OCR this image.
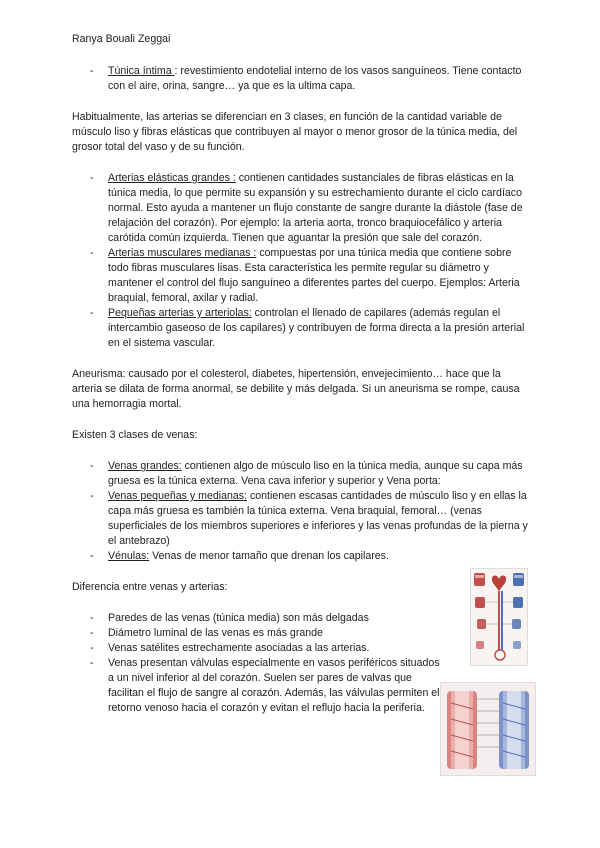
Ranya Bouali Zeggai
- Túnica íntima : revestimiento endotelial interno de los vasos sanguíneos. Tiene contacto con el aire, orina, sangre… ya que es la ultima capa.

Habitualmente, las arterias se diferencian en 3 clases, en función de la cantidad variable de músculo liso y fibras elásticas que contribuyen al mayor o menor grosor de la túnica media, del grosor total del vaso y de su función.

- Arterias elásticas grandes : contienen cantidades sustanciales de fibras elásticas en la túnica media, lo que permite su expansión y su estrechamiento durante el ciclo cardíaco normal. Esto ayuda a mantener un flujo constante de sangre durante la diástole (fase de relajación del corazón). Por ejemplo: la arteria aorta, tronco braquiocefálico y arteria carótida común izquierda. Tienen que aguantar la presión que sale del corazón.
- Arterias musculares medianas : compuestas por una túnica media que contiene sobre todo fibras musculares lisas. Esta característica les permite regular su diámetro y mantener el control del flujo sanguíneo a diferentes partes del cuerpo. Ejemplos: Arteria braquial, femoral, axilar y radial.
- Pequeñas arterias y arteriolas: controlan el llenado de capilares (además regulan el intercambio gaseoso de los capilares) y contribuyen de forma directa a la presión arterial en el sistema vascular.

Aneurisma: causado por el colesterol, diabetes, hipertensión, envejecimiento… hace que la arteria se dilata de forma anormal, se debilite y más delgada. Si un aneurisma se rompe, causa una hemorragia mortal.

Existen 3 clases de venas:

- Venas grandes: contienen algo de músculo liso en la túnica media, aunque su capa más gruesa es la túnica externa. Vena cava inferior y superior y Vena porta:
- Venas pequeñas y medianas: contienen escasas cantidades de músculo liso y en ellas la capa más gruesa es también la túnica externa. Vena braquial, femoral… (venas superficiales de los miembros superiores e inferiores y las venas profundas de la pierna y el antebrazo)
- Vénulas: Venas de menor tamaño que drenan los capilares.

Diferencia entre venas y arterias:

- Paredes de las venas (túnica media) son más delgadas
- Diámetro luminal de las venas es más grande
- Venas satélites estrechamente asociadas a las arterias.
- Venas presentan válvulas especialmente en vasos periféricos situados a un nivel inferior al del corazón. Suelen ser pares de valvas que facilitan el flujo de sangre al corazón. Además, las válvulas permiten el retorno venoso hacia el corazón y evitan el reflujo hacia la periferia.
